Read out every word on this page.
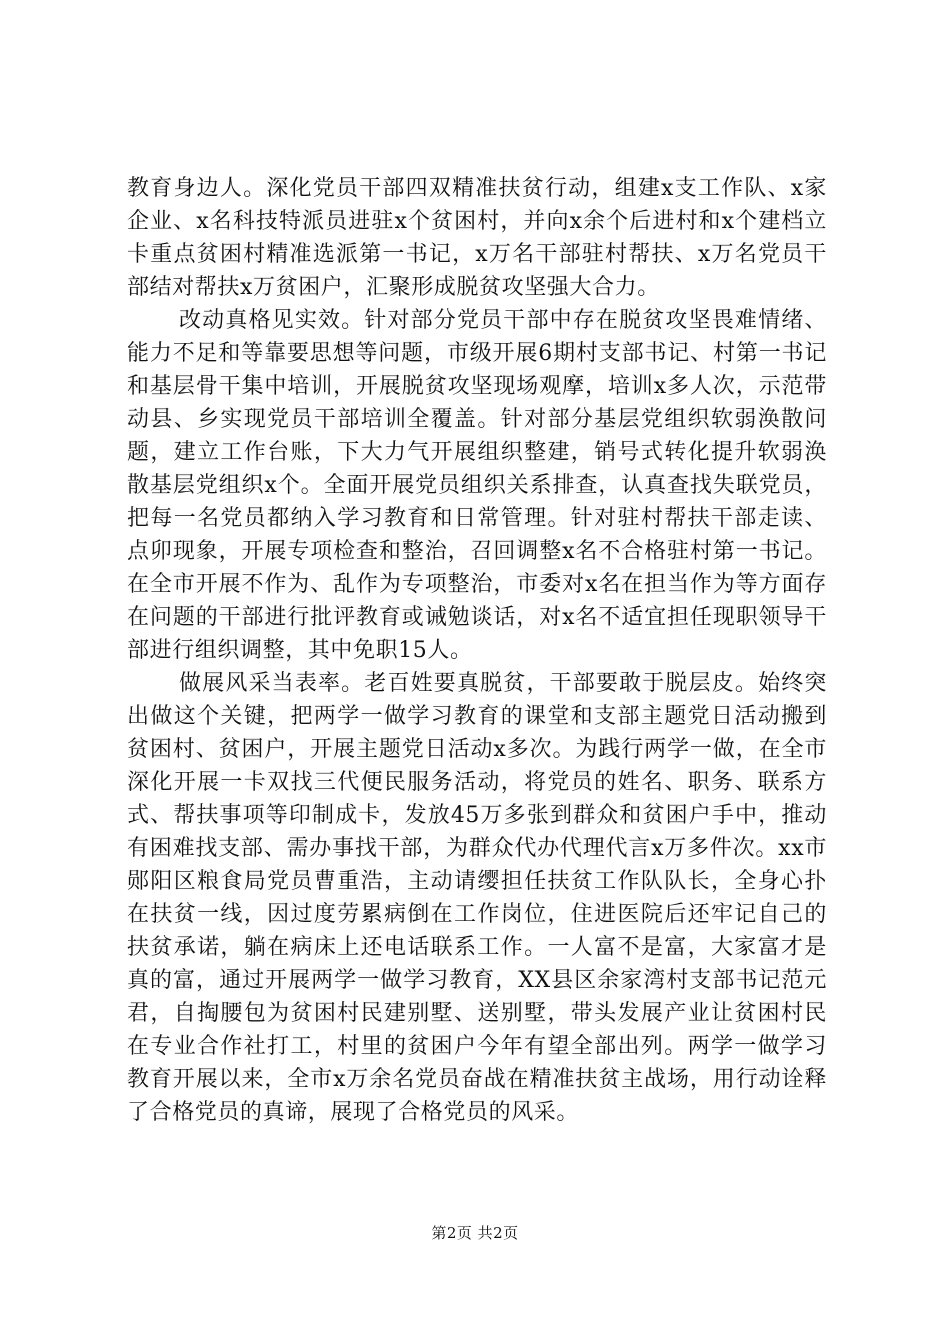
教育身边人。深化党员干部四双精准扶贫行动，组建x支工作队、x家企业、x名科技特派员进驻x个贫困村，并向x余个后进村和x个建档立卡重点贫困村精准选派第一书记，x万名干部驻村帮扶、x万名党员干部结对帮扶x万贫困户，汇聚形成脱贫攻坚强大合力。

改动真格见实效。针对部分党员干部中存在脱贫攻坚畏难情绪、能力不足和等靠要思想等问题，市级开展6期村支部书记、村第一书记和基层骨干集中培训，开展脱贫攻坚现场观摩，培训x多人次，示范带动县、乡实现党员干部培训全覆盖。针对部分基层党组织软弱涣散问题，建立工作台账，下大力气开展组织整建，销号式转化提升软弱涣散基层党组织x个。全面开展党员组织关系排查，认真查找失联党员，把每一名党员都纳入学习教育和日常管理。针对驻村帮扶干部走读、点卯现象，开展专项检查和整治，召回调整x名不合格驻村第一书记。在全市开展不作为、乱作为专项整治，市委对x名在担当作为等方面存在问题的干部进行批评教育或诫勉谈话，对x名不适宜担任现职领导干部进行组织调整，其中免职15人。

做展风采当表率。老百姓要真脱贫，干部要敢于脱层皮。始终突出做这个关键，把两学一做学习教育的课堂和支部主题党日活动搬到贫困村、贫困户，开展主题党日活动x多次。为践行两学一做，在全市深化开展一卡双找三代便民服务活动，将党员的姓名、职务、联系方式、帮扶事项等印制成卡，发放45万多张到群众和贫困户手中，推动有困难找支部、需办事找干部，为群众代办代理代言x万多件次。xx市郧阳区粮食局党员曹重浩，主动请缨担任扶贫工作队队长，全身心扑在扶贫一线，因过度劳累病倒在工作岗位，住进医院后还牢记自己的扶贫承诺，躺在病床上还电话联系工作。一人富不是富，大家富才是真的富，通过开展两学一做学习教育，XX县区余家湾村支部书记范元君，自掏腰包为贫困村民建别墅、送别墅，带头发展产业让贫困村民在专业合作社打工，村里的贫困户今年有望全部出列。两学一做学习教育开展以来，全市x万余名党员奋战在精准扶贫主战场，用行动诠释了合格党员的真谛，展现了合格党员的风采。

第2页 共2页
